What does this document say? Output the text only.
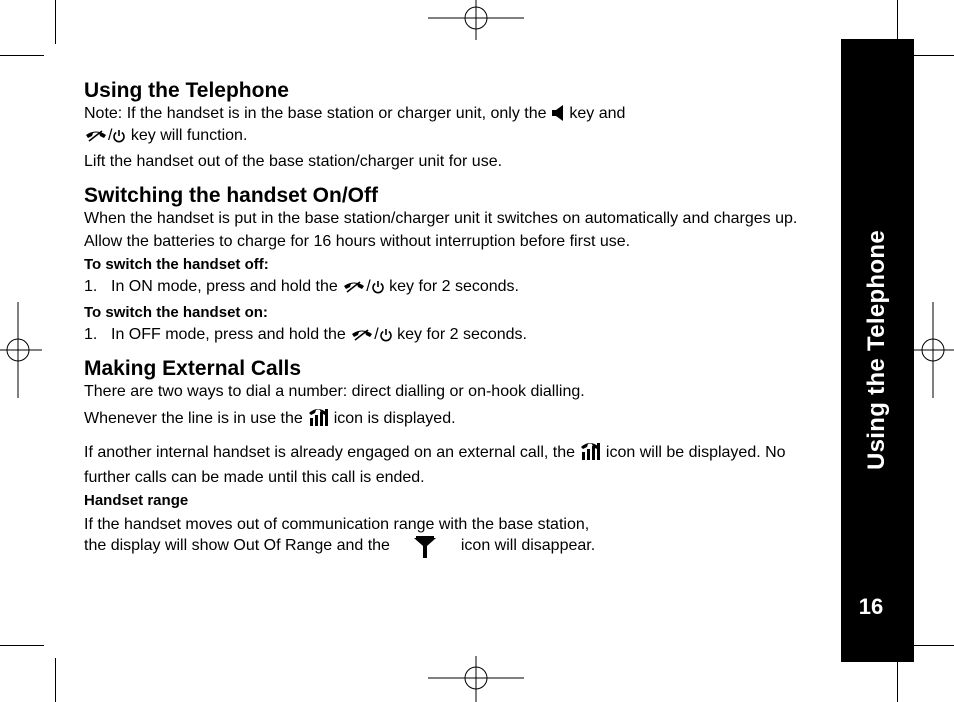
Using the Telephone
16
Using the Telephone

Note: If the handset is in the base station or charger unit, only the key and
/ key will function.

Lift the handset out of the base station/charger unit for use.

Switching the handset On/Off

When the handset is put in the base station/charger unit it switches on automatically and charges up.

Allow the batteries to charge for 16 hours without interruption before first use.

To switch the handset off:

1. In ON mode, press and hold the / key for 2 seconds.

To switch the handset on:

1. In OFF mode, press and hold the / key for 2 seconds.

Making External Calls

There are two ways to dial a number: direct dialling or on-hook dialling.

Whenever the line is in use the icon is displayed.

If another internal handset is already engaged on an external call, the icon will be displayed. No further calls can be made until this call is ended.

Handset range

If the handset moves out of communication range with the base station,

the display will show Out Of Range and the	icon will disappear.
